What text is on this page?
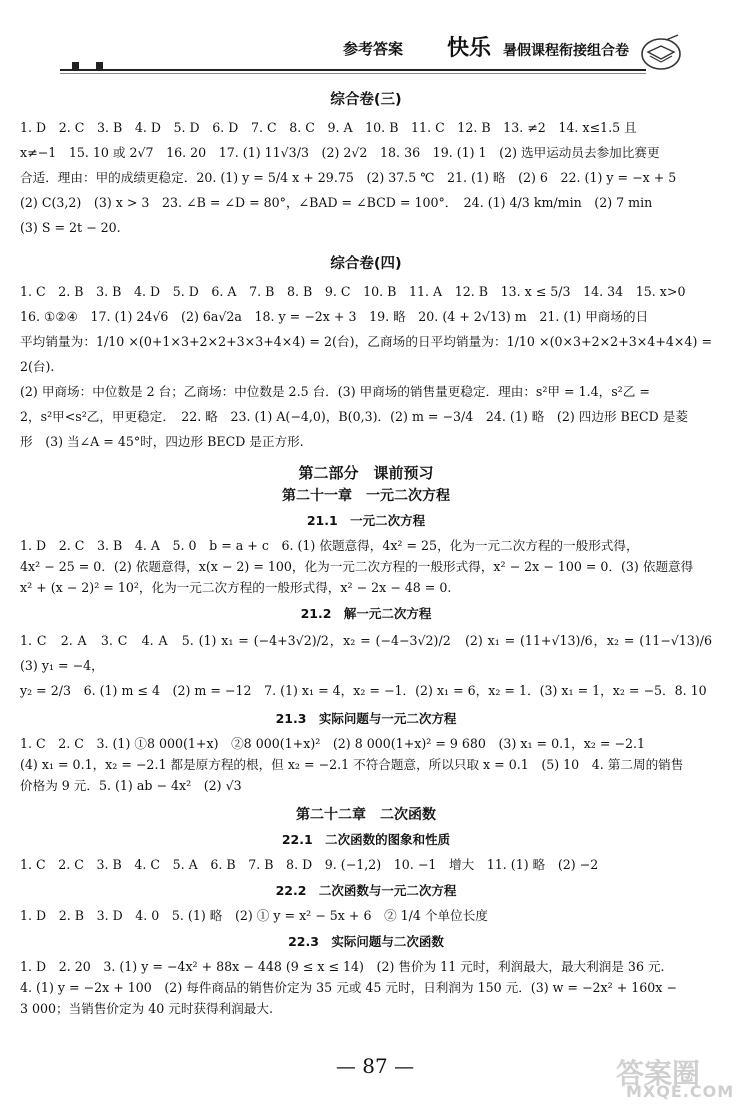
参考答案 快乐 暑假课程衔接组合卷
综合卷(三)
1. D　2. C　3. B　4. D　5. D　6. D　7. C　8. C　9. A　10. B　11. C　12. B　13. ≠2　14. x≤1.5 且
x≠−1　15. 10 或 2√7　16. 20　17. (1) 11√3/3　(2) 2√2　18. 36　19. (1) 1　(2) 选甲运动员去参加比赛更
合适．理由：甲的成绩更稳定．20. (1) y = 5/4 x + 29.75　(2) 37.5 ℃　21. (1) 略　(2) 6　22. (1) y = −x + 5
(2) C(3,2)　(3) x > 3　23. ∠B = ∠D = 80°，∠BAD = ∠BCD = 100°．　24. (1) 4/3 km/min　(2) 7 min
(3) S = 2t − 20.
综合卷(四)
1. C　2. B　3. B　4. D　5. D　6. A　7. B　8. B　9. C　10. B　11. A　12. B　13. x ≤ 5/3　14. 34　15. x>0
16. ①②④　17. (1) 24√6　(2) 6a√2a　18. y = −2x + 3　19. 略　20. (4 + 2√13) m　21. (1) 甲商场的日
平均销量为：1/10 ×(0+1×3+2×2+3×3+4×4) = 2(台)，乙商场的日平均销量为：1/10 ×(0×3+2×2+3×4+4×4) = 2(台).
(2) 甲商场：中位数是 2 台；乙商场：中位数是 2.5 台．(3) 甲商场的销售量更稳定．理由：s²甲 = 1.4，s²乙 =
2，s²甲<s²乙，甲更稳定．　22. 略　23. (1) A(−4,0)，B(0,3)．(2) m = −3/4　24. (1) 略　(2) 四边形 BECD 是菱
形　(3) 当∠A = 45°时，四边形 BECD 是正方形.
第二部分　课前预习
第二十一章　一元二次方程
21.1　一元二次方程
1. D　2. C　3. B　4. A　5. 0　b = a + c　6. (1) 依题意得，4x² = 25，化为一元二次方程的一般形式得，
4x² − 25 = 0．(2) 依题意得，x(x − 2) = 100，化为一元二次方程的一般形式得，x² − 2x − 100 = 0．(3) 依题意得
x² + (x − 2)² = 10²，化为一元二次方程的一般形式得，x² − 2x − 48 = 0.
21.2　解一元二次方程
1. C　2. A　3. C　4. A　5. (1) x₁ = (−4+3√2)/2，x₂ = (−4−3√2)/2　(2) x₁ = (11+√13)/6，x₂ = (11−√13)/6　(3) y₁ = −4，
y₂ = 2/3　6. (1) m ≤ 4　(2) m = −12　7. (1) x₁ = 4，x₂ = −1．(2) x₁ = 6，x₂ = 1．(3) x₁ = 1，x₂ = −5．8. 10
21.3　实际问题与一元二次方程
1. C　2. C　3. (1) ①8 000(1+x)　②8 000(1+x)²　(2) 8 000(1+x)² = 9 680　(3) x₁ = 0.1，x₂ = −2.1
(4) x₁ = 0.1，x₂ = −2.1 都是原方程的根，但 x₂ = −2.1 不符合题意，所以只取 x = 0.1　(5) 10　4. 第二周的销售
价格为 9 元．5. (1) ab − 4x²　(2) √3
第二十二章　二次函数
22.1　二次函数的图象和性质
1. C　2. C　3. B　4. C　5. A　6. B　7. B　8. D　9. (−1,2)　10. −1　增大　11. (1) 略　(2) −2
22.2　二次函数与一元二次方程
1. D　2. B　3. D　4. 0　5. (1) 略　(2) ① y = x² − 5x + 6　② 1/4 个单位长度
22.3　实际问题与二次函数
1. D　2. 20　3. (1) y = −4x² + 88x − 448 (9 ≤ x ≤ 14)　(2) 售价为 11 元时，利润最大，最大利润是 36 元.
4. (1) y = −2x + 100　(2) 每件商品的销售价定为 35 元或 45 元时，日利润为 150 元．(3) w = −2x² + 160x −
3 000；当销售价定为 40 元时获得利润最大.
— 87 —	答案圈
MXQE.COM
